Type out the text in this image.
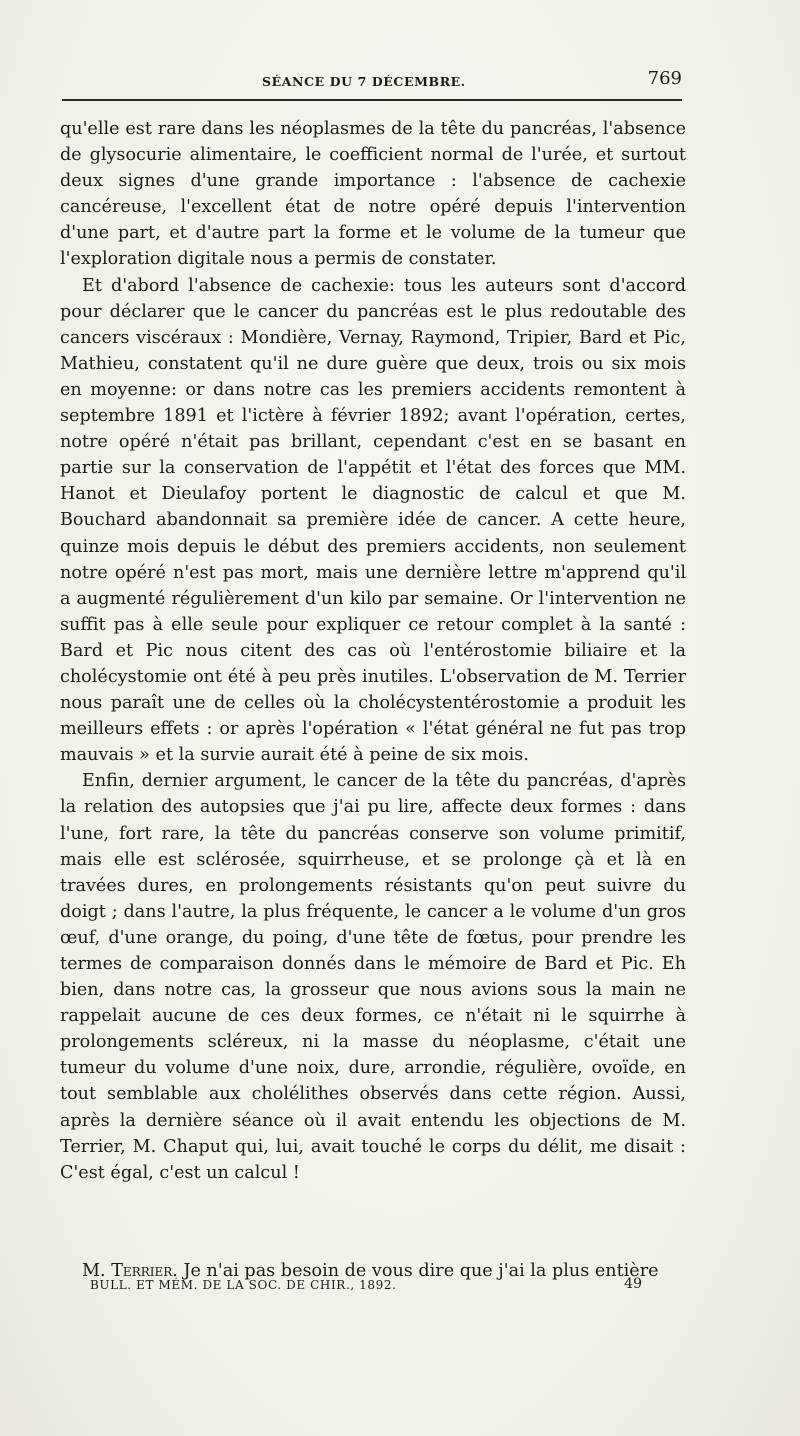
SÉANCE DU 7 DÉCEMBRE.	769

qu'elle est rare dans les néoplasmes de la tête du pancréas, l'absence de glysocurie alimentaire, le coefficient normal de l'urée, et surtout deux signes d'une grande importance : l'absence de cachexie cancéreuse, l'excellent état de notre opéré depuis l'intervention d'une part, et d'autre part la forme et le volume de la tumeur que l'exploration digitale nous a permis de constater.

Et d'abord l'absence de cachexie: tous les auteurs sont d'accord pour déclarer que le cancer du pancréas est le plus redoutable des cancers viscéraux : Mondière, Vernay, Raymond, Tripier, Bard et Pic, Mathieu, constatent qu'il ne dure guère que deux, trois ou six mois en moyenne: or dans notre cas les premiers accidents remontent à septembre 1891 et l'ictère à février 1892; avant l'opération, certes, notre opéré n'était pas brillant, cependant c'est en se basant en partie sur la conservation de l'appétit et l'état des forces que MM. Hanot et Dieulafoy portent le diagnostic de calcul et que M. Bouchard abandonnait sa première idée de cancer. A cette heure, quinze mois depuis le début des premiers accidents, non seulement notre opéré n'est pas mort, mais une dernière lettre m'apprend qu'il a augmenté régulièrement d'un kilo par semaine. Or l'intervention ne suffit pas à elle seule pour expliquer ce retour complet à la santé : Bard et Pic nous citent des cas où l'entérostomie biliaire et la cholécystomie ont été à peu près inutiles. L'observation de M. Terrier nous paraît une de celles où la cholécystentérostomie a produit les meilleurs effets : or après l'opération « l'état général ne fut pas trop mauvais » et la survie aurait été à peine de six mois.

Enfin, dernier argument, le cancer de la tête du pancréas, d'après la relation des autopsies que j'ai pu lire, affecte deux formes : dans l'une, fort rare, la tête du pancréas conserve son volume primitif, mais elle est sclérosée, squirrheuse, et se prolonge çà et là en travées dures, en prolongements résistants qu'on peut suivre du doigt ; dans l'autre, la plus fréquente, le cancer a le volume d'un gros œuf, d'une orange, du poing, d'une tête de fœtus, pour prendre les termes de comparaison donnés dans le mémoire de Bard et Pic. Eh bien, dans notre cas, la grosseur que nous avions sous la main ne rappelait aucune de ces deux formes, ce n'était ni le squirrhe à prolongements scléreux, ni la masse du néoplasme, c'était une tumeur du volume d'une noix, dure, arrondie, régulière, ovoïde, en tout semblable aux cholélithes observés dans cette région. Aussi, après la dernière séance où il avait entendu les objections de M. Terrier, M. Chaput qui, lui, avait touché le corps du délit, me disait : C'est égal, c'est un calcul !

M. Terrier. Je n'ai pas besoin de vous dire que j'ai la plus entière

BULL. ET MÉM. DE LA SOC. DE CHIR., 1892.	49
